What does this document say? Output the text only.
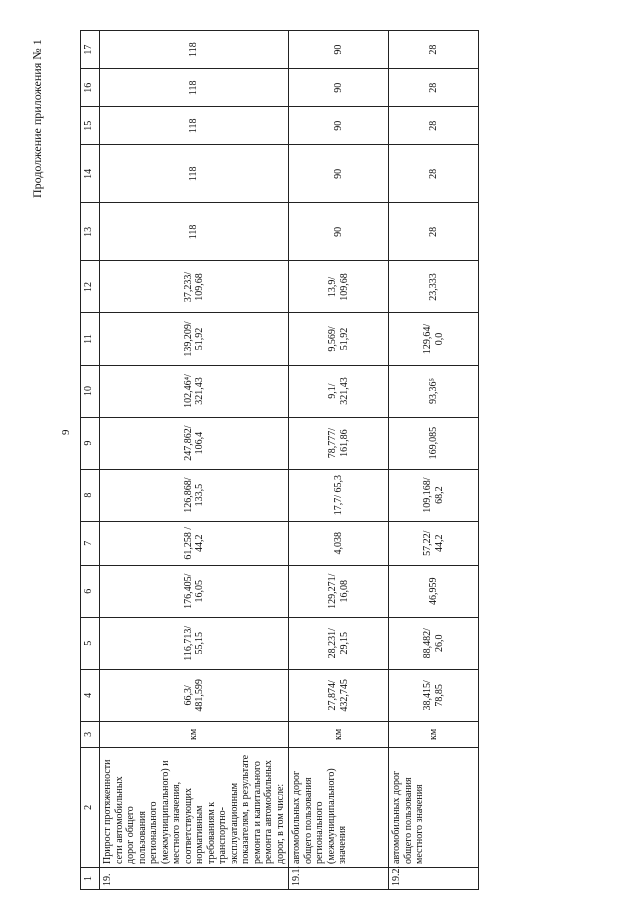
9
Продолжение приложения № 1
1	2	3	4	5	6	7	8	9	10	11	12	13	14	15	16	17
19.	Прирост протяженности сети автомобильных дорог общего пользования регионального (межмуниципального) и местного значения, соответствующих нормативным требованиям к транспортно-эксплуатационным показателям, в результате ремонта и капитального ремонта автомобильных дорог, в том числе:	км	66,3/ 481,599	116,713/ 55,15	176,405/ 16,05	61,258 / 44,2	126,868/ 133,5	247,862/ 106,4	102,46⁴/ 321,43	139,209/ 51,92	37,233/ 109,68	118	118	118	118	118
19.1.	автомобильных дорог общего пользования регионального (межмуниципального) значения	км	27,874/ 432,745	28,231/ 29,15	129,271/ 16,08	4,038	17,7/ 65,3	78,777/ 161,86	9,1/ 321,43	9,569/ 51,92	13,9/ 109,68	90	90	90	90	90
19.2.	автомобильных дорог общего пользования местного значения	км	38,415/ 78,85	88,482/ 26,0	46,959	57,22/ 44,2	109,168/ 68,2	169,085	93,36⁵	129,64/ 0,0	23,333	28	28	28	28	28
